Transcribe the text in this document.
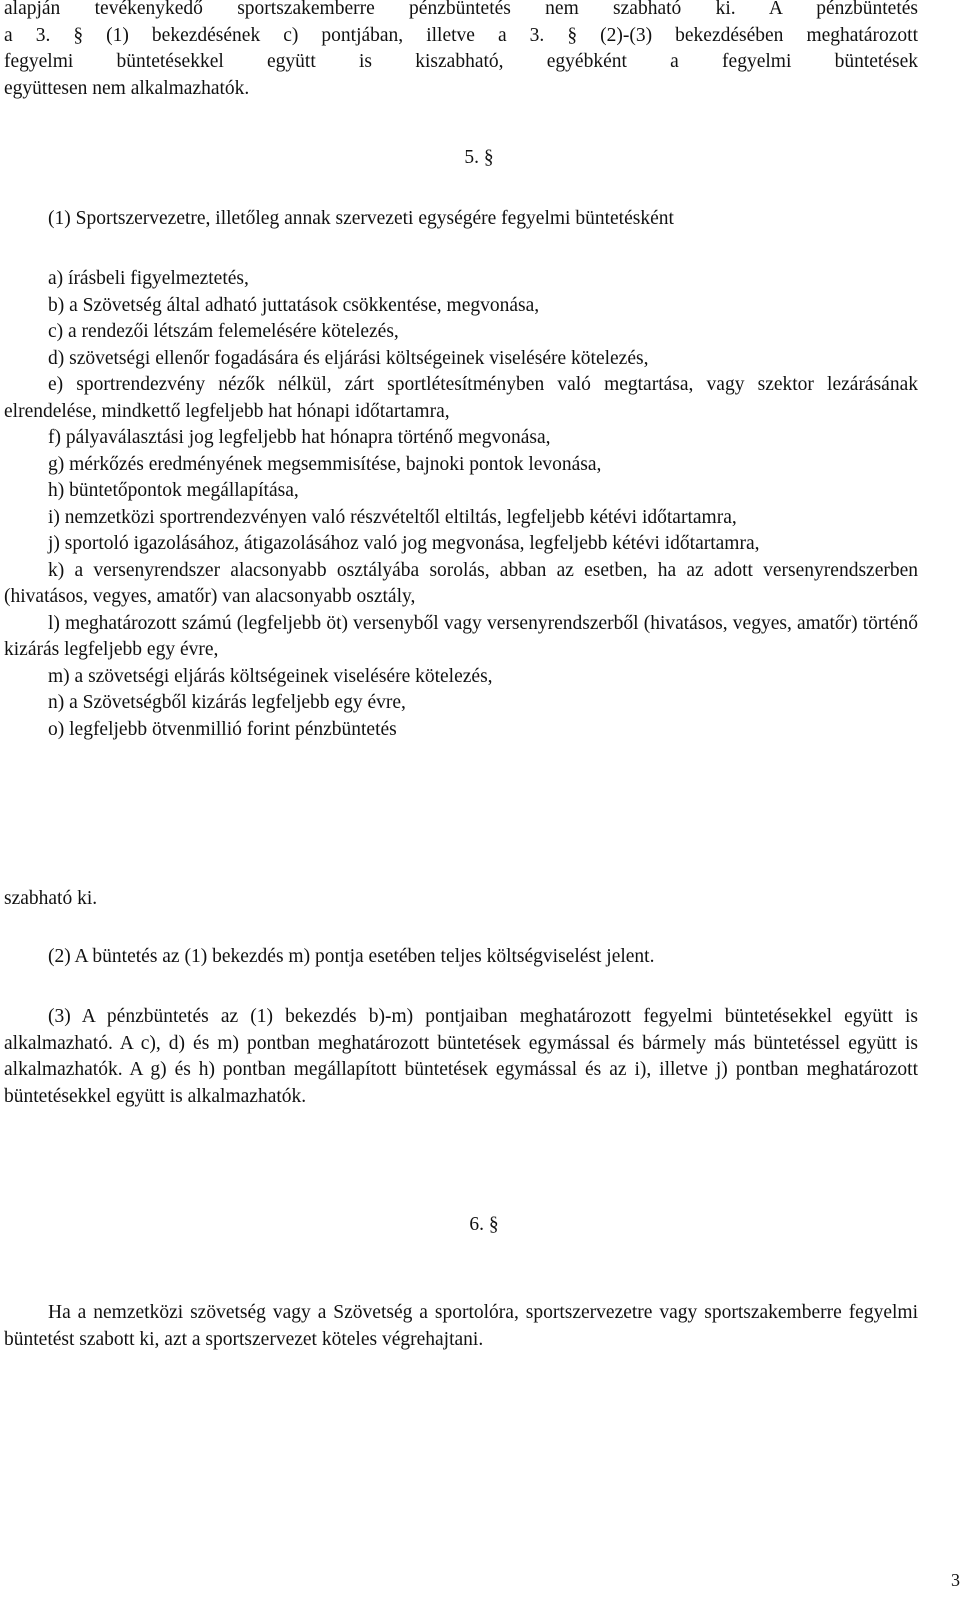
alapján tevékenykedő sportszakemberre pénzbüntetés nem szabható ki. A pénzbüntetés

a 3. § (1) bekezdésének c) pontjában, illetve a 3. § (2)-(3) bekezdésében meghatározott

fegyelmi büntetésekkel együtt is kiszabható, egyébként a fegyelmi büntetések

együttesen nem alkalmazhatók.

5. §

(1) Sportszervezetre, illetőleg annak szervezeti egységére fegyelmi büntetésként

a) írásbeli figyelmeztetés,

b) a Szövetség által adható juttatások csökkentése, megvonása,

c) a rendezői létszám felemelésére kötelezés,

d) szövetségi ellenőr fogadására és eljárási költségeinek viselésére kötelezés,

e) sportrendezvény nézők nélkül, zárt sportlétesítményben való megtartása, vagy szektor lezárásának elrendelése, mindkettő legfeljebb hat hónapi időtartamra,

f) pályaválasztási jog legfeljebb hat hónapra történő megvonása,

g) mérkőzés eredményének megsemmisítése, bajnoki pontok levonása,

h) büntetőpontok megállapítása,

i) nemzetközi sportrendezvényen való részvételtől eltiltás, legfeljebb kétévi időtartamra,

j) sportoló igazolásához, átigazolásához való jog megvonása, legfeljebb kétévi időtartamra,

k) a versenyrendszer alacsonyabb osztályába sorolás, abban az esetben, ha az adott versenyrendszerben (hivatásos, vegyes, amatőr) van alacsonyabb osztály,

l) meghatározott számú (legfeljebb öt) versenyből vagy versenyrendszerből (hivatásos, vegyes, amatőr) történő kizárás legfeljebb egy évre,

m) a szövetségi eljárás költségeinek viselésére kötelezés,

n) a Szövetségből kizárás legfeljebb egy évre,

o) legfeljebb ötvenmillió forint pénzbüntetés

szabható ki.

(2) A büntetés az (1) bekezdés m) pontja esetében teljes költségviselést jelent.

(3) A pénzbüntetés az (1) bekezdés b)-m) pontjaiban meghatározott fegyelmi büntetésekkel együtt is alkalmazható. A c), d) és m) pontban meghatározott büntetések egymással és bármely más büntetéssel együtt is alkalmazhatók. A g) és h) pontban megállapított büntetések egymással és az i), illetve j) pontban meghatározott büntetésekkel együtt is alkalmazhatók.

6. §

Ha a nemzetközi szövetség vagy a Szövetség a sportolóra, sportszervezetre vagy sportszakemberre fegyelmi büntetést szabott ki, azt a sportszervezet köteles végrehajtani.

3
